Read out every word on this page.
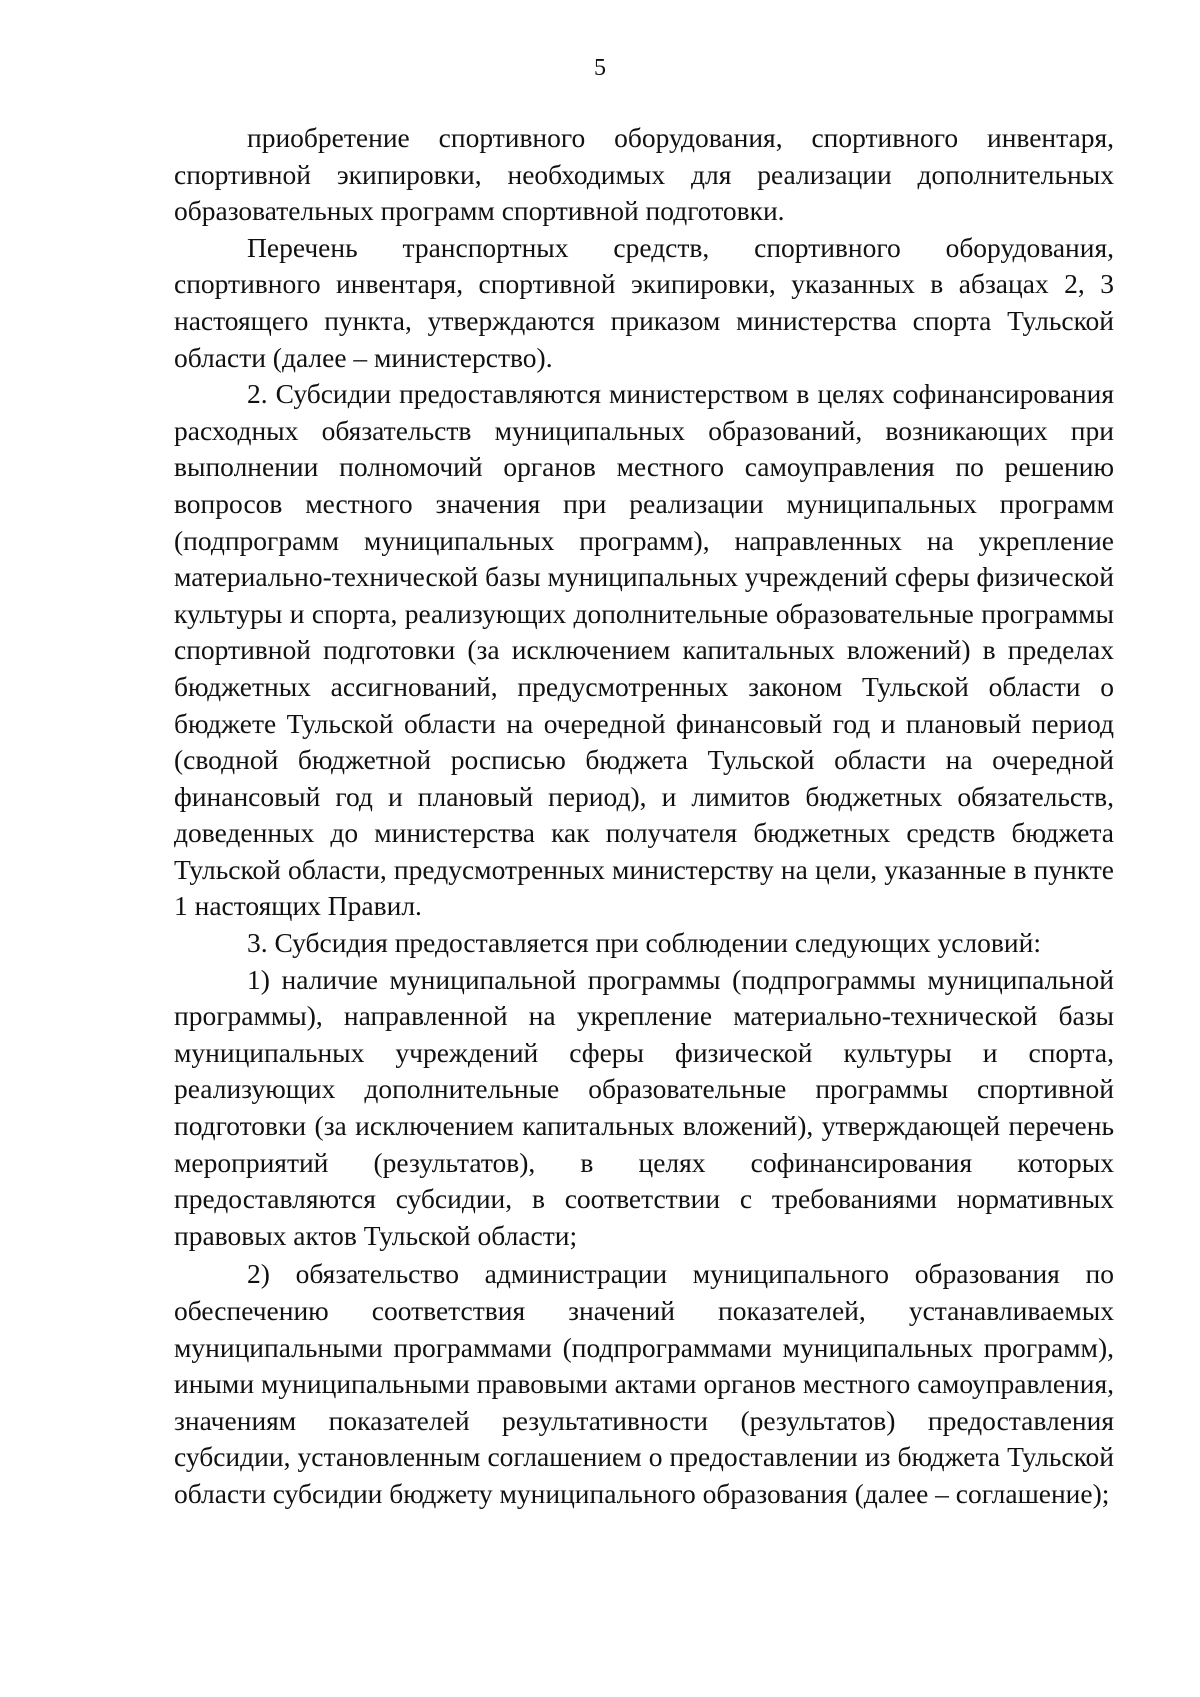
5

приобретение спортивного оборудования, спортивного инвентаря, спортивной экипировки, необходимых для реализации дополнительных образовательных программ спортивной подготовки.

Перечень транспортных средств, спортивного оборудования, спортивного инвентаря, спортивной экипировки, указанных в абзацах 2, 3 настоящего пункта, утверждаются приказом министерства спорта Тульской области (далее – министерство).

2. Субсидии предоставляются министерством в целях софинансирования расходных обязательств муниципальных образований, возникающих при выполнении полномочий органов местного самоуправления по решению вопросов местного значения при реализации муниципальных программ (подпрограмм муниципальных программ), направленных на укрепление материально-технической базы муниципальных учреждений сферы физической культуры и спорта, реализующих дополнительные образовательные программы спортивной подготовки (за исключением капитальных вложений) в пределах бюджетных ассигнований, предусмотренных законом Тульской области о бюджете Тульской области на очередной финансовый год и плановый период (сводной бюджетной росписью бюджета Тульской области на очередной финансовый год и плановый период), и лимитов бюджетных обязательств, доведенных до министерства как получателя бюджетных средств бюджета Тульской области, предусмотренных министерству на цели, указанные в пункте 1 настоящих Правил.

3. Субсидия предоставляется при соблюдении следующих условий:

1) наличие муниципальной программы (подпрограммы муниципальной программы), направленной на укрепление материально-технической базы муниципальных учреждений сферы физической культуры и спорта, реализующих дополнительные образовательные программы спортивной подготовки (за исключением капитальных вложений), утверждающей перечень мероприятий (результатов), в целях софинансирования которых предоставляются субсидии, в соответствии с требованиями нормативных правовых актов Тульской области;

2) обязательство администрации муниципального образования по обеспечению соответствия значений показателей, устанавливаемых муниципальными программами (подпрограммами муниципальных программ), иными муниципальными правовыми актами органов местного самоуправления, значениям показателей результативности (результатов) предоставления субсидии, установленным соглашением о предоставлении из бюджета Тульской области субсидии бюджету муниципального образования (далее – соглашение);
